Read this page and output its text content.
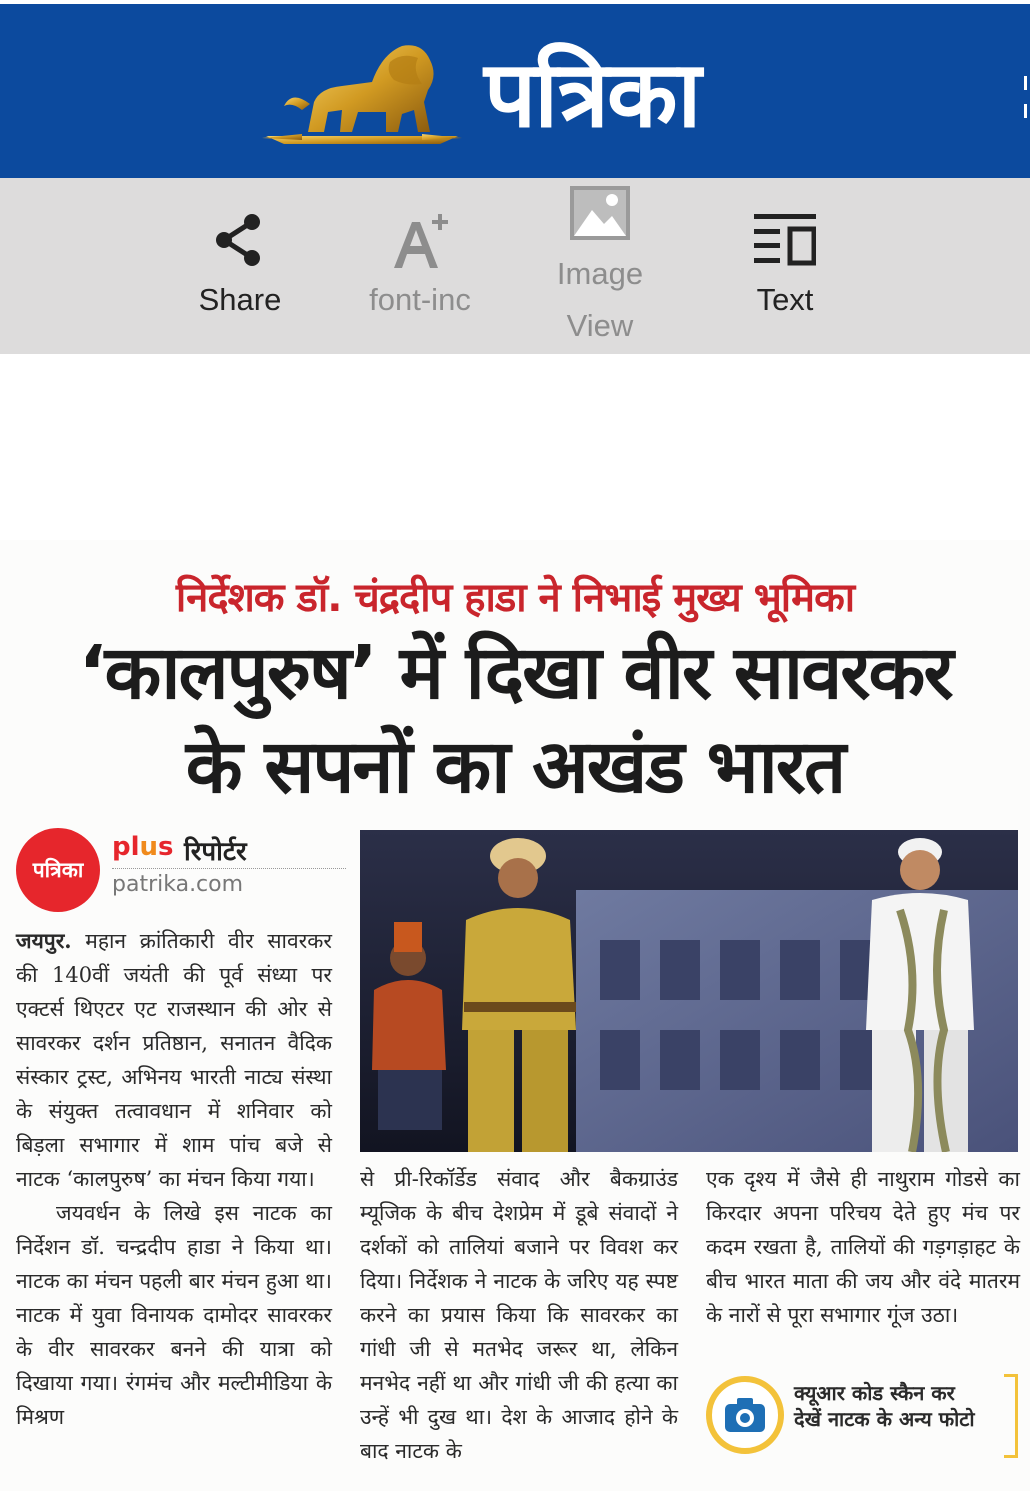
पत्रिका
Share	font-inc
Image
View
Text
निर्देशक डॉ. चंद्रदीप हाडा ने निभाई मुख्य भूमिका
‘कालपुरुष’ में दिखा वीर सावरकर
के सपनों का अखंड भारत
पत्रिका
plus रिपोर्टर
patrika.com

जयपुर. महान क्रांतिकारी वीर सावरकर की 140वीं जयंती की पूर्व संध्या पर एक्टर्स थिएटर एट राजस्थान की ओर से सावरकर दर्शन प्रतिष्ठान, सनातन वैदिक संस्कार ट्रस्ट, अभिनय भारती नाट्य संस्था के संयुक्त तत्वावधान में शनिवार को बिड़ला सभागार में शाम पांच बजे से नाटक ‘कालपुरुष’ का मंचन किया गया।

जयवर्धन के लिखे इस नाटक का निर्देशन डॉ. चन्द्रदीप हाडा ने किया था। नाटक का मंचन पहली बार मंचन हुआ था। नाटक में युवा विनायक दामोदर सावरकर के वीर सावरकर बनने की यात्रा को दिखाया गया। रंगमंच और मल्टीमीडिया के मिश्रण

से प्री-रिकॉर्डेड संवाद और बैकग्राउंड म्यूजिक के बीच देशप्रेम में डूबे संवादों ने दर्शकों को तालियां बजाने पर विवश कर दिया। निर्देशक ने नाटक के जरिए यह स्पष्ट करने का प्रयास किया कि सावरकर का गांधी जी से मतभेद जरूर था, लेकिन मनभेद नहीं था और गांधी जी की हत्या का उन्हें भी दुख था। देश के आजाद होने के बाद नाटक के
एक दृश्य में जैसे ही नाथुराम गोडसे का किरदार अपना परिचय देते हुए मंच पर कदम रखता है, तालियों की गड़गड़ाहट के बीच भारत माता की जय और वंदे मातरम के नारों से पूरा सभागार गूंज उठा।
क्यूआर कोड स्कैन कर
देखें नाटक के अन्य फोटो
